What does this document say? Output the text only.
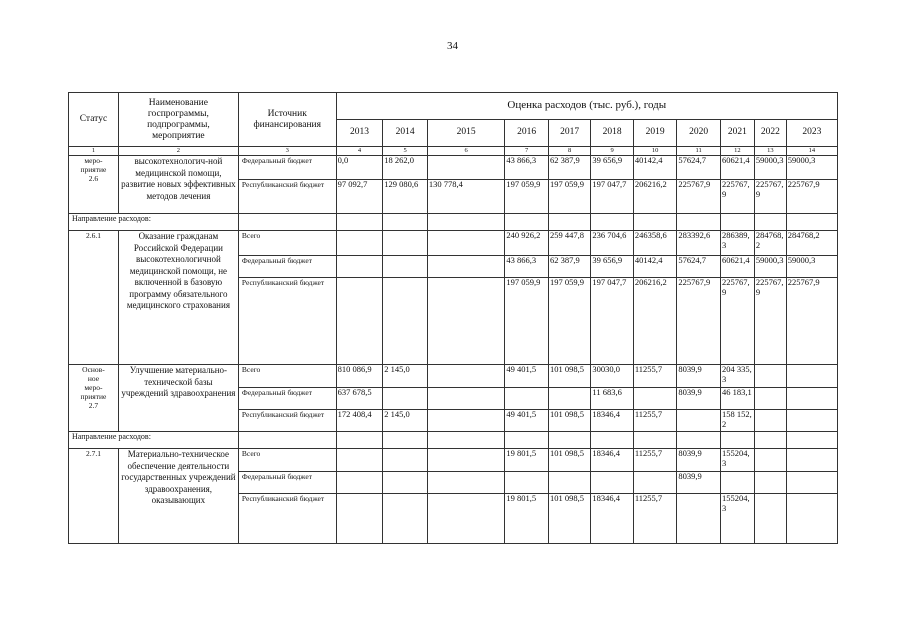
34
Статус	Наименование госпрограммы, подпрограммы, мероприятие	Источник финансирования	Оценка расходов (тыс. руб.), годы										
			2013	2014	2015	2016	2017	2018	2019	2020	2021	2022	2023
1	2	3	4	5	6	7	8	9	10	11	12	13	14
меро-
приятие
2.6	высокотехнологич-ной медицинской помощи, развитие новых эффективных методов лечения	Федеральный бюджет	0,0	18 262,0		43 866,3	62 387,9	39 656,9	40142,4	57624,7	60621,4	59000,3	59000,3
		Республиканский бюджет	97 092,7	129 080,6	130 778,4	197 059,9	197 059,9	197 047,7	206216,2	225767,9	225767,9	225767,9	225767,9
Направление расходов:													
2.6.1	Оказание гражданам Российской Федерации высокотехнологичной медицинской помощи, не включенной в базовую программу обязательного медицинского страхования	Всего				240 926,2	259 447,8	236 704,6	246358,6	283392,6	286389,3	284768,2	284768,2
		Федеральный бюджет				43 866,3	62 387,9	39 656,9	40142,4	57624,7	60621,4	59000,3	59000,3
		Республиканский бюджет				197 059,9	197 059,9	197 047,7	206216,2	225767,9	225767,9	225767,9	225767,9
Основ-
ное
меро-
приятие
2.7	Улучшение материально-технической базы учреждений здравоохранения	Всего	810 086,9	2 145,0		49 401,5	101 098,5	30030,0	11255,7	8039,9	204 335,3		
		Федеральный бюджет	637 678,5					11 683,6		8039,9	46 183,1		
		Республиканский бюджет	172 408,4	2 145,0		49 401,5	101 098,5	18346,4	11255,7		158 152,2		
Направление расходов:													
2.7.1	Материально-техническое обеспечение деятельности государственных учреждений здравоохранения, оказывающих	Всего				19 801,5	101 098,5	18346,4	11255,7	8039,9	155204,3		
		Федеральный бюджет								8039,9			
		Республиканский бюджет				19 801,5	101 098,5	18346,4	11255,7		155204,3		
